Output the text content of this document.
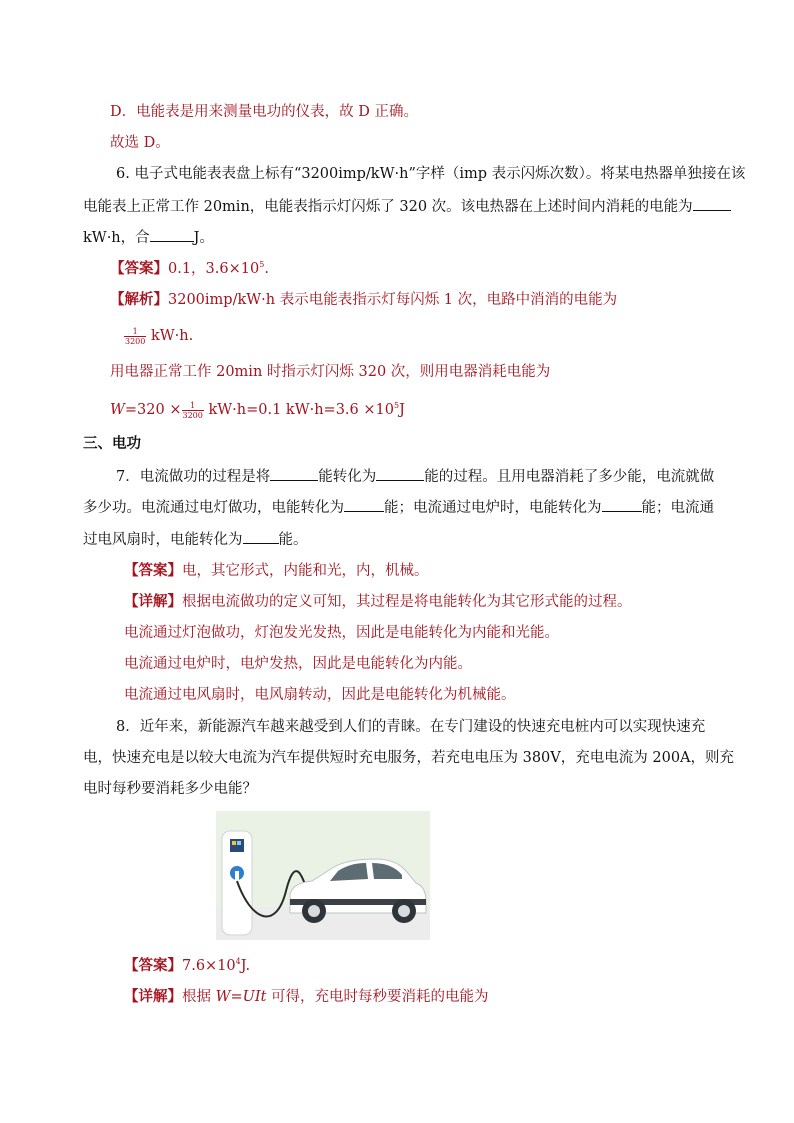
D．电能表是用来测量电功的仪表，故 D 正确。
故选 D。
6. 电子式电能表表盘上标有“3200imp/kW·h”字样（imp 表示闪烁次数）。将某电热器单独接在该
电能表上正常工作 20min，电能表指示灯闪烁了 320 次。该电热器在上述时间内消耗的电能为
kW·h，合	J。
【答案】0.1，$3.6\times 10^5$.
【解析】3200imp/kW·h 表示电能表指示灯每闪烁 1 次，电路中消消的电能为
$\frac{1}{3200} kW\cdot h$.
用电器正常工作 20min 时指示灯闪烁 320 次，则用电器消耗电能为
$W=320 \times \frac{1}{3200} kW\cdot h=0.1$ $kW\cdot h=3.6 \times 10^5J$
三、电功
7．电流做功的过程是将	能转化为	能的过程。且用电器消耗了多少能，电流就做
多少功。电流通过电灯做功，电能转化为	能；电流通过电炉时，电能转化为	能；电流通
过电风扇时，电能转化为 能。
【答案】电，其它形式，内能和光，内，机械。
【详解】根据电流做功的定义可知，其过程是将电能转化为其它形式能的过程。
电流通过灯泡做功，灯泡发光发热，因此是电能转化为内能和光能。
电流通过电炉时，电炉发热，因此是电能转化为内能。
电流通过电风扇时，电风扇转动，因此是电能转化为机械能。
8．近年来，新能源汽车越来越受到人们的青睐。在专门建设的快速充电桩内可以实现快速充
电，快速充电是以较大电流为汽车提供短时充电服务，若充电电压为 380V，充电电流为 200A，则充
电时每秒要消耗多少电能？
【答案】$7.6\times 10^4J$.
【详解】根据 W=UIt 可得，充电时每秒要消耗的电能为
